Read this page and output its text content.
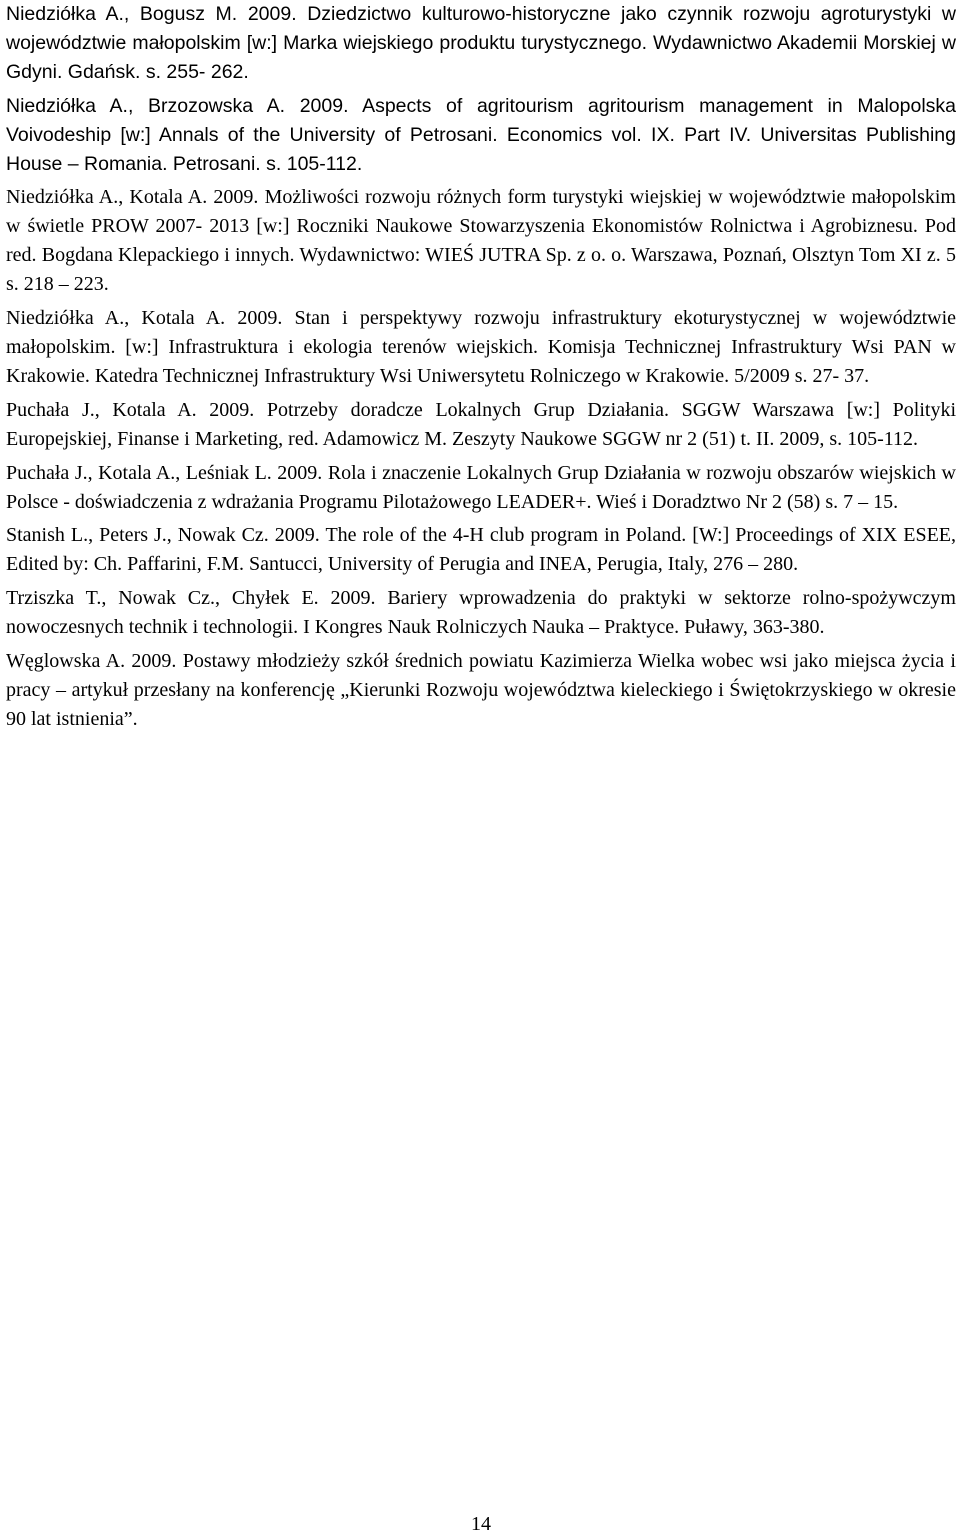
Niedziółka A., Bogusz M. 2009. Dziedzictwo kulturowo-historyczne jako czynnik rozwoju agroturystyki w województwie małopolskim [w:] Marka wiejskiego produktu turystycznego. Wydawnictwo Akademii Morskiej w Gdyni. Gdańsk. s. 255- 262.

Niedziółka A., Brzozowska A. 2009. Aspects of agritourism agritourism management in Malopolska Voivodeship [w:] Annals of the University of Petrosani. Economics vol. IX. Part IV. Universitas Publishing House – Romania. Petrosani. s. 105-112.

Niedziółka A., Kotala A. 2009. Możliwości rozwoju różnych form turystyki wiejskiej w województwie małopolskim w świetle PROW 2007- 2013 [w:] Roczniki Naukowe Stowarzyszenia Ekonomistów Rolnictwa i Agrobiznesu. Pod red. Bogdana Klepackiego i innych. Wydawnictwo: WIEŚ JUTRA Sp. z o. o. Warszawa, Poznań, Olsztyn Tom XI z. 5 s. 218 – 223.

Niedziółka A., Kotala A. 2009. Stan i perspektywy rozwoju infrastruktury ekoturystycznej w województwie małopolskim. [w:] Infrastruktura i ekologia terenów wiejskich. Komisja Technicznej Infrastruktury Wsi PAN w Krakowie. Katedra Technicznej Infrastruktury Wsi Uniwersytetu Rolniczego w Krakowie. 5/2009 s. 27- 37.

Puchała J., Kotala A. 2009. Potrzeby doradcze Lokalnych Grup Działania. SGGW Warszawa [w:] Polityki Europejskiej, Finanse i Marketing, red. Adamowicz M. Zeszyty Naukowe SGGW nr 2 (51) t. II. 2009, s. 105-112.

Puchała J., Kotala A., Leśniak L. 2009. Rola i znaczenie Lokalnych Grup Działania w rozwoju obszarów wiejskich w Polsce - doświadczenia z wdrażania Programu Pilotażowego LEADER+. Wieś i Doradztwo Nr 2 (58) s. 7 – 15.

Stanish L., Peters J., Nowak Cz. 2009. The role of the 4-H club program in Poland. [W:] Proceedings of XIX ESEE, Edited by: Ch. Paffarini, F.M. Santucci, University of Perugia and INEA, Perugia, Italy, 276 – 280.

Trziszka T., Nowak Cz., Chyłek E. 2009. Bariery wprowadzenia do praktyki w sektorze rolno-spożywczym nowoczesnych technik i technologii. I Kongres Nauk Rolniczych Nauka – Praktyce. Puławy, 363-380.

Węglowska A. 2009. Postawy młodzieży szkół średnich powiatu Kazimierza Wielka wobec wsi jako miejsca życia i pracy – artykuł przesłany na konferencję „Kierunki Rozwoju województwa kieleckiego i Świętokrzyskiego w okresie 90 lat istnienia”.

14
